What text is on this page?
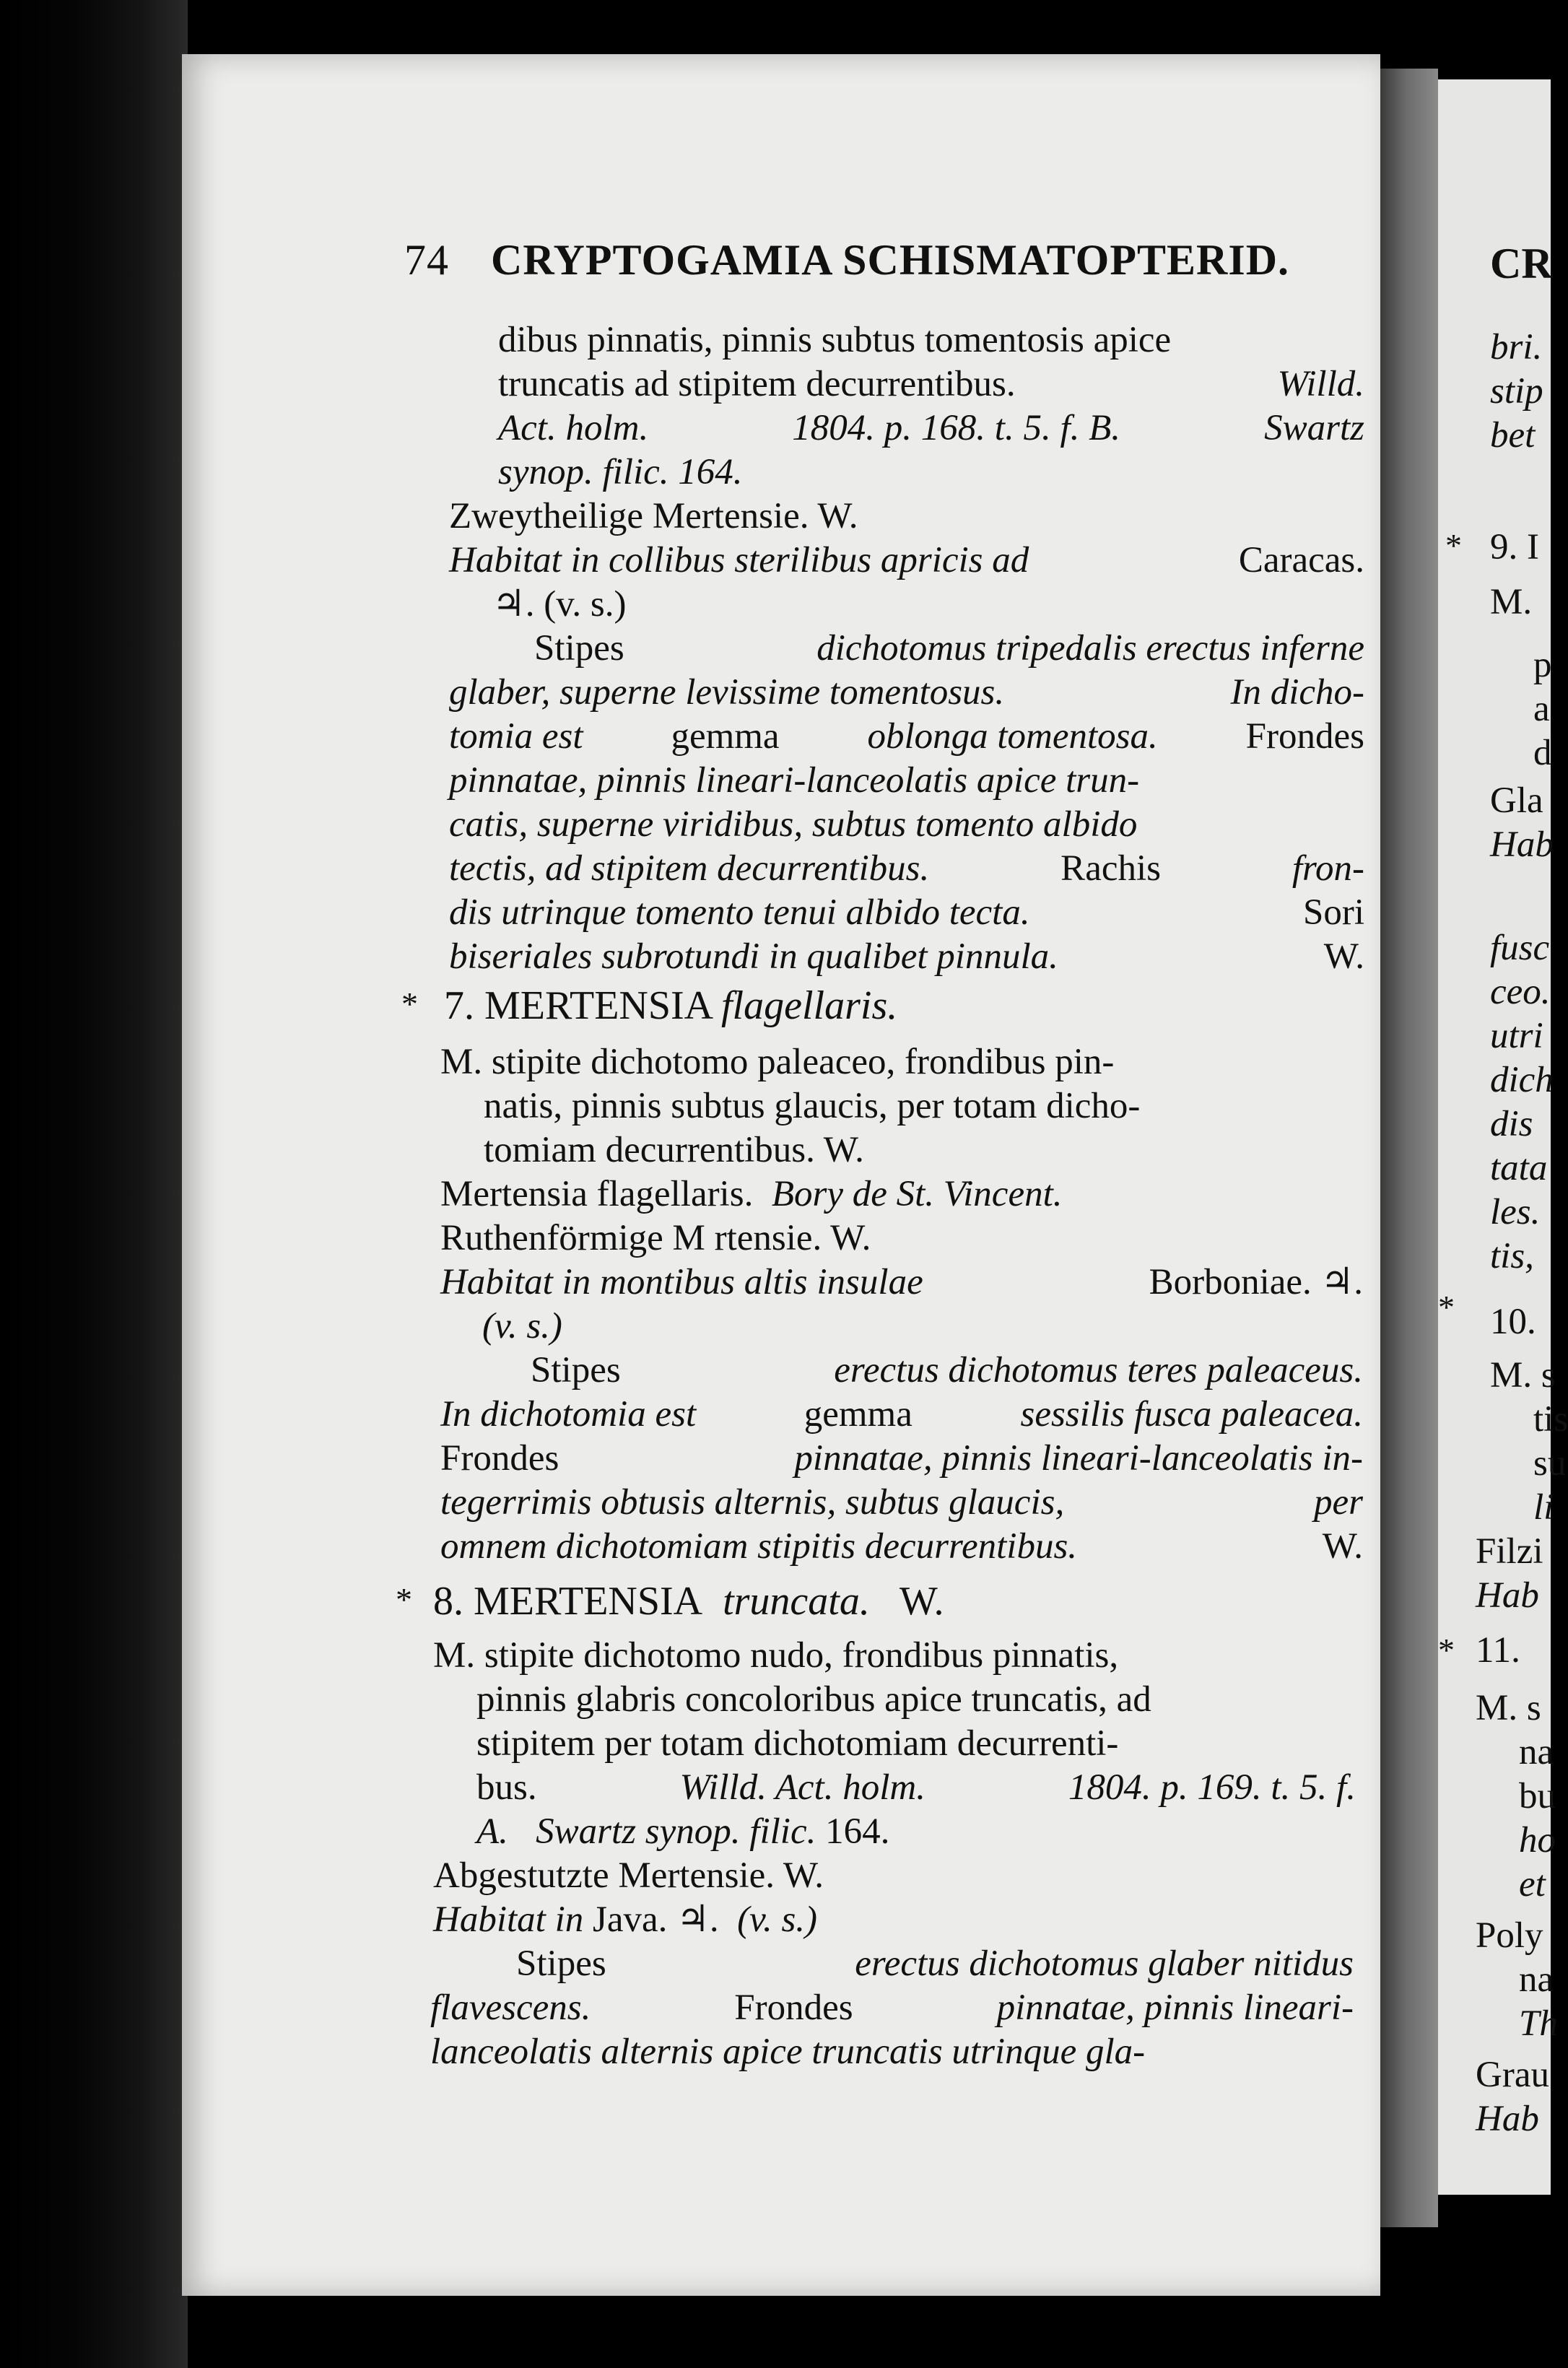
74 CRYPTOGAMIA SCHISMATOPTERID.
dibus pinnatis, pinnis subtus tomentosis apice
truncatis ad stipitem decurrentibus.	Willd.
Act. holm.	1804. p. 168. t. 5. f. B.	Swartz
synop. filic. 164.
Zweytheilige Mertensie. W.
Habitat in collibus sterilibus apricis ad	Caracas.
♃. (v. s.)
Stipes	dichotomus tripedalis erectus inferne
glaber, superne levissime tomentosus.	In dicho-
tomia est gemma oblonga tomentosa. Frondes
pinnatae, pinnis lineari-lanceolatis apice trun-
catis, superne viridibus, subtus tomento albido
tectis, ad stipitem decurrentibus.	Rachis	fron-
dis utrinque tomento tenui albido tecta.	Sori
biseriales subrotundi in qualibet pinnula.	W.
* 7. MERTENSIA flagellaris.
M. stipite dichotomo paleaceo, frondibus pin-
natis, pinnis subtus glaucis, per totam dicho-
tomiam decurrentibus. W.
Mertensia flagellaris. Bory de St. Vincent.
Ruthenförmige M rtensie. W.
Habitat in montibus altis insulae	Borboniae. ♃.
(v. s.)
Stipes	erectus dichotomus teres paleaceus.
In dichotomia est	gemma	sessilis fusca paleacea.
Frondes	pinnatae, pinnis lineari-lanceolatis in-
tegerrimis obtusis alternis, subtus glaucis,	per
omnem dichotomiam stipitis decurrentibus.	W.
* 8. MERTENSIA truncata. W.
M. stipite dichotomo nudo, frondibus pinnatis,
pinnis glabris concoloribus apice truncatis, ad
stipitem per totam dichotomiam decurrenti-
bus.	Willd. Act. holm.	1804. p. 169. t. 5. f.
A. Swartz synop. filic. 164.
Abgestutzte Mertensie. W.
Habitat in Java. ♃. (v. s.)
Stipes	erectus dichotomus glaber nitidus
flavescens.	Frondes	pinnatae, pinnis lineari-
lanceolatis alternis apice truncatis utrinque gla-
CR
bri.
stip
bet
* 9. I
M.
p
a
d
Gla
Hab
fusc
ceo.
utri
dich
dis
tata
les.
tis,
* 10.
M. s
tis
su
li
Filzi
Hab
* 11.
M. s
na
bu
ho
et
Poly
na
Th
Grau
Hab
